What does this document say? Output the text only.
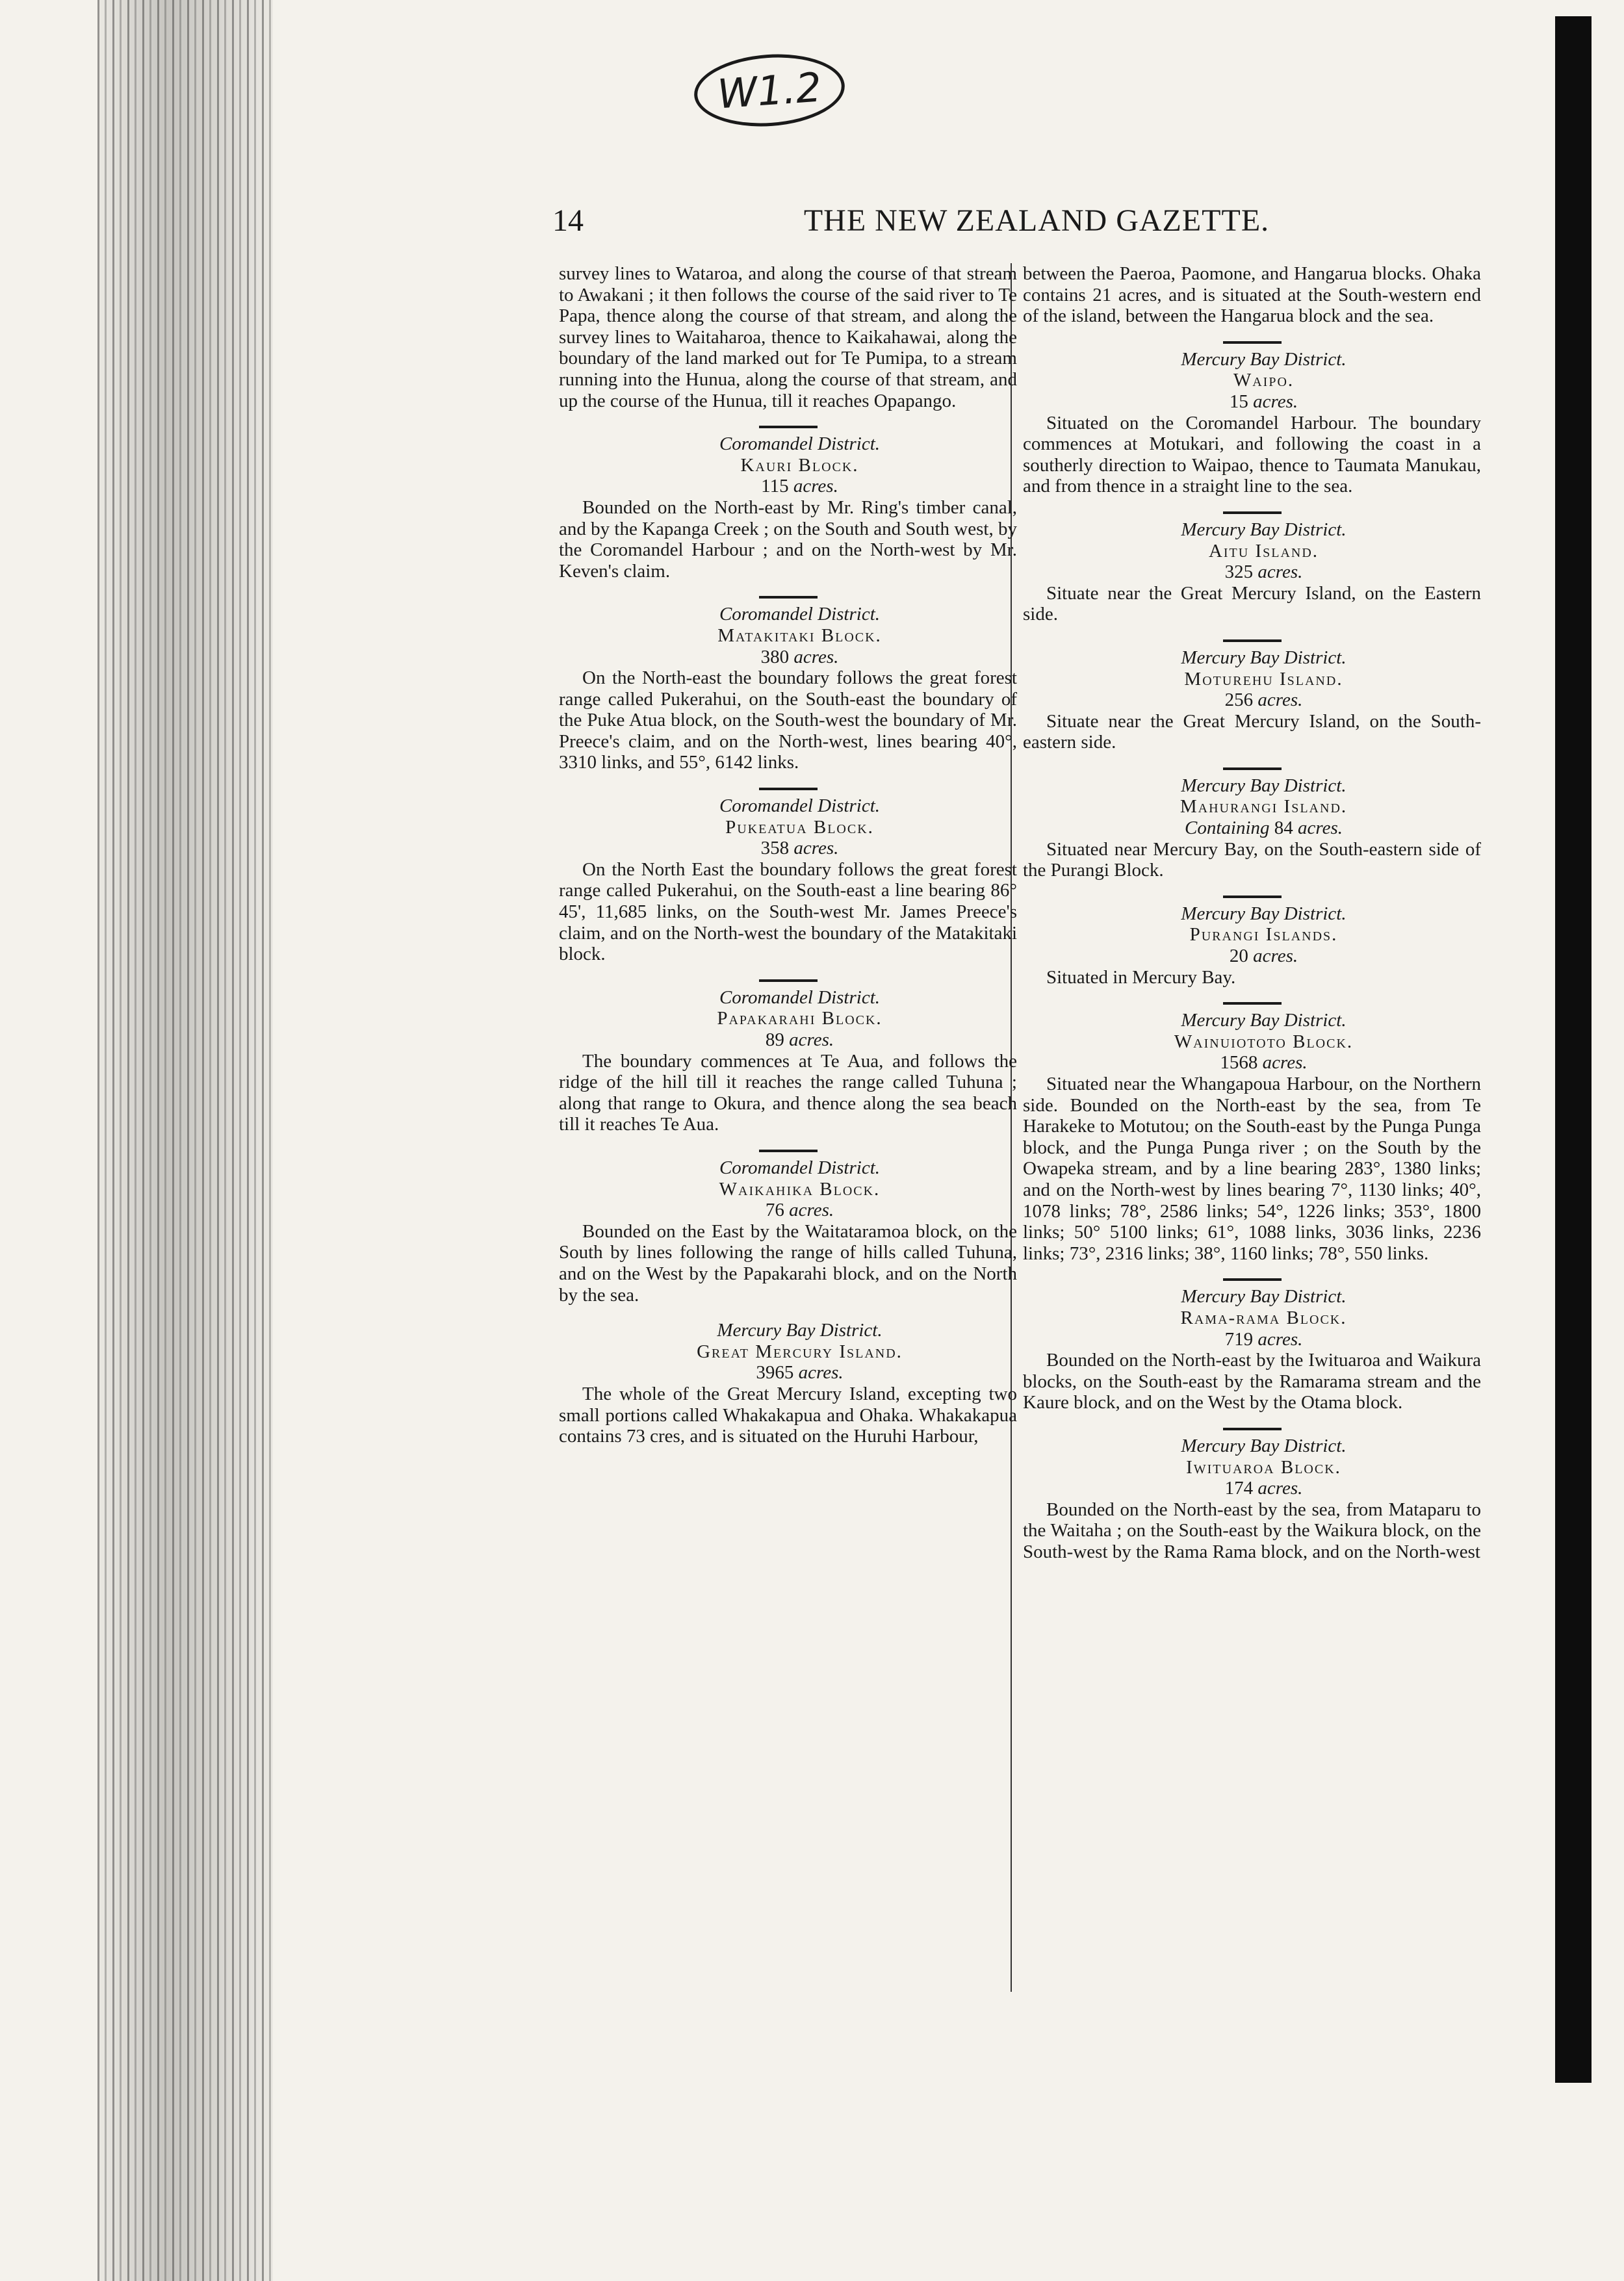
W1.2
14	THE NEW ZEALAND GAZETTE.

survey lines to Wataroa, and along the course of that stream to Awakani ; it then follows the course of the said river to Te Papa, thence along the course of that stream, and along the survey lines to Waitaharoa, thence to Kaikahawai, along the boundary of the land marked out for Te Pumipa, to a stream running into the Hunua, along the course of that stream, and up the course of the Hunua, till it reaches Opapango.

Coromandel District.

Kauri Block.

115 acres.

Bounded on the North-east by Mr. Ring's timber canal, and by the Kapanga Creek ; on the South and South west, by the Coromandel Harbour ; and on the North-west by Mr. Keven's claim.

Coromandel District.

Matakitaki Block.

380 acres.

On the North-east the boundary follows the great forest range called Pukerahui, on the South-east the boundary of the Puke Atua block, on the South-west the boundary of Mr. Preece's claim, and on the North-west, lines bearing 40°, 3310 links, and 55°, 6142 links.

Coromandel District.

Pukeatua Block.

358 acres.

On the North East the boundary follows the great forest range called Pukerahui, on the South-east a line bearing 86° 45', 11,685 links, on the South-west Mr. James Preece's claim, and on the North-west the boundary of the Matakitaki block.

Coromandel District.

Papakarahi Block.

89 acres.

The boundary commences at Te Aua, and follows the ridge of the hill till it reaches the range called Tuhuna ; along that range to Okura, and thence along the sea beach till it reaches Te Aua.

Coromandel District.

Waikahika Block.

76 acres.

Bounded on the East by the Waitataramoa block, on the South by lines following the range of hills called Tuhuna, and on the West by the Papakarahi block, and on the North by the sea.

Mercury Bay District.

Great Mercury Island.

3965 acres.

The whole of the Great Mercury Island, excepting two small portions called Whakakapua and Ohaka. Whakakapua contains 73 cres, and is situated on the Huruhi Harbour,

between the Paeroa, Paomone, and Hangarua blocks. Ohaka contains 21 acres, and is situated at the South-western end of the island, between the Hangarua block and the sea.

Mercury Bay District.

Waipo.

15 acres.

Situated on the Coromandel Harbour. The boundary commences at Motukari, and following the coast in a southerly direction to Waipao, thence to Taumata Manukau, and from thence in a straight line to the sea.

Mercury Bay District.

Aitu Island.

325 acres.

Situate near the Great Mercury Island, on the Eastern side.

Mercury Bay District.

Moturehu Island.

256 acres.

Situate near the Great Mercury Island, on the South-eastern side.

Mercury Bay District.

Mahurangi Island.

Containing 84 acres.

Situated near Mercury Bay, on the South-eastern side of the Purangi Block.

Mercury Bay District.

Purangi Islands.

20 acres.

Situated in Mercury Bay.

Mercury Bay District.

Wainuiototo Block.

1568 acres.

Situated near the Whangapoua Harbour, on the Northern side. Bounded on the North-east by the sea, from Te Harakeke to Motutou; on the South-east by the Punga Punga block, and the Punga Punga river ; on the South by the Owapeka stream, and by a line bearing 283°, 1380 links; and on the North-west by lines bearing 7°, 1130 links; 40°, 1078 links; 78°, 2586 links; 54°, 1226 links; 353°, 1800 links; 50° 5100 links; 61°, 1088 links, 3036 links, 2236 links; 73°, 2316 links; 38°, 1160 links; 78°, 550 links.

Mercury Bay District.

Rama-rama Block.

719 acres.

Bounded on the North-east by the Iwituaroa and Waikura blocks, on the South-east by the Ramarama stream and the Kaure block, and on the West by the Otama block.

Mercury Bay District.

Iwituaroa Block.

174 acres.

Bounded on the North-east by the sea, from Mataparu to the Waitaha ; on the South-east by the Waikura block, on the South-west by the Rama Rama block, and on the North-west
